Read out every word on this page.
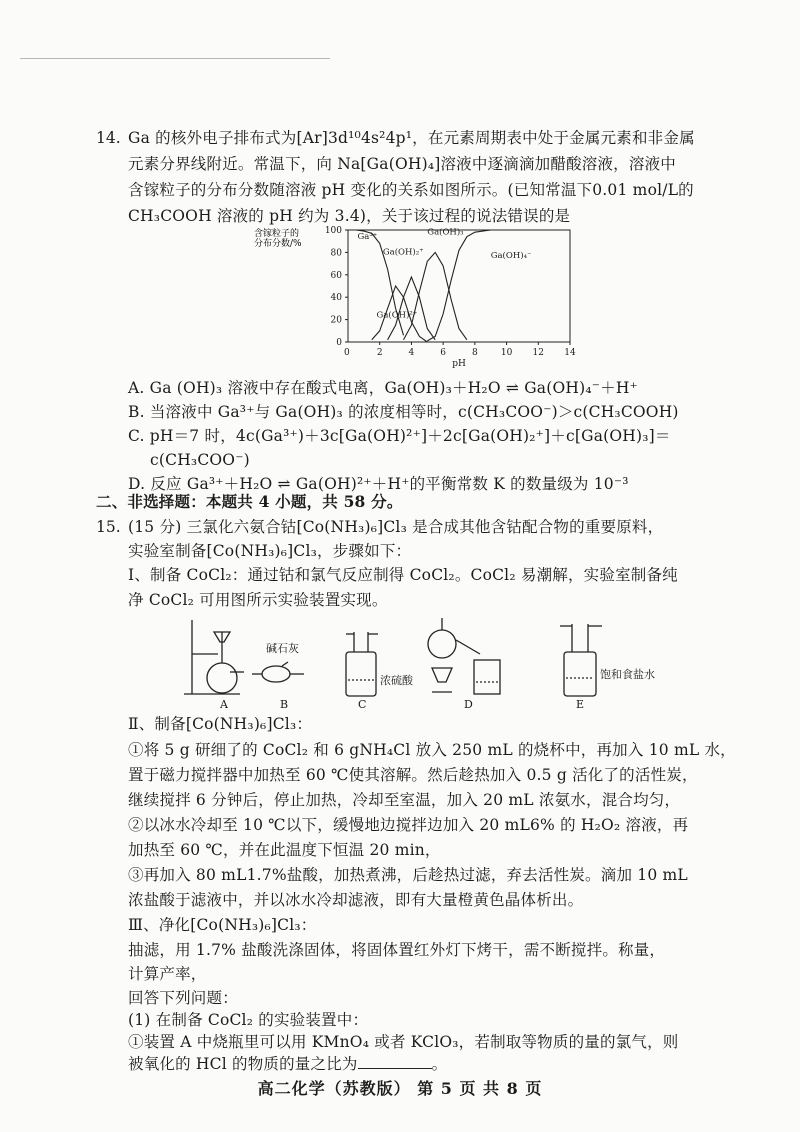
14. Ga 的核外电子排布式为[Ar]3d¹⁰4s²4p¹，在元素周期表中处于金属元素和非金属
元素分界线附近。常温下，向 Na[Ga(OH)₄]溶液中逐滴滴加醋酸溶液，溶液中
含镓粒子的分布分数随溶液 pH 变化的关系如图所示。(已知常温下0.01 mol/L的
CH₃COOH 溶液的 pH 约为 3.4)，关于该过程的说法错误的是
含镓粒子的
分布分数/%
0
20
40
60
80
100
2	4	6	8	10 12 14
0
pH
Ga³⁺
Ga(OH)²⁺
Ga(OH)₂⁺
Ga(OH)₃
Ga(OH)₄⁻
A. Ga (OH)₃ 溶液中存在酸式电离，Ga(OH)₃＋H₂O ⇌ Ga(OH)₄⁻＋H⁺
B. 当溶液中 Ga³⁺与 Ga(OH)₃ 的浓度相等时，c(CH₃COO⁻)＞c(CH₃COOH)
C. pH＝7 时，4c(Ga³⁺)＋3c[Ga(OH)²⁺]＋2c[Ga(OH)₂⁺]＋c[Ga(OH)₃]＝
c(CH₃COO⁻)
D. 反应 Ga³⁺＋H₂O ⇌ Ga(OH)²⁺＋H⁺的平衡常数 K 的数量级为 10⁻³
二、非选择题：本题共 4 小题，共 58 分。
15. (15 分) 三氯化六氨合钴[Co(NH₃)₆]Cl₃ 是合成其他含钴配合物的重要原料，
实验室制备[Co(NH₃)₆]Cl₃，步骤如下：
Ⅰ、制备 CoCl₂：通过钴和氯气反应制得 CoCl₂。CoCl₂ 易潮解，实验室制备纯
净 CoCl₂ 可用图所示实验装置实现。
A	B	C	D	E
碱石灰
浓硫酸	饱和食盐水
Ⅱ、制备[Co(NH₃)₆]Cl₃：
①将 5 g 研细了的 CoCl₂ 和 6 gNH₄Cl 放入 250 mL 的烧杯中，再加入 10 mL 水，
置于磁力搅拌器中加热至 60 ℃使其溶解。然后趁热加入 0.5 g 活化了的活性炭，
继续搅拌 6 分钟后，停止加热，冷却至室温，加入 20 mL 浓氨水，混合均匀，
②以冰水冷却至 10 ℃以下，缓慢地边搅拌边加入 20 mL6% 的 H₂O₂ 溶液，再
加热至 60 ℃，并在此温度下恒温 20 min，
③再加入 80 mL1.7%盐酸，加热煮沸，后趁热过滤，弃去活性炭。滴加 10 mL
浓盐酸于滤液中，并以冰水冷却滤液，即有大量橙黄色晶体析出。
Ⅲ、净化[Co(NH₃)₆]Cl₃：
抽滤，用 1.7% 盐酸洗涤固体，将固体置红外灯下烤干，需不断搅拌。称量，
计算产率，
回答下列问题：
(1) 在制备 CoCl₂ 的实验装置中：
①装置 A 中烧瓶里可以用 KMnO₄ 或者 KClO₃，若制取等物质的量的氯气，则
高二化学（苏教版） 第 5 页 共 8 页
被氧化的 HCl 的物质的量之比为	。
